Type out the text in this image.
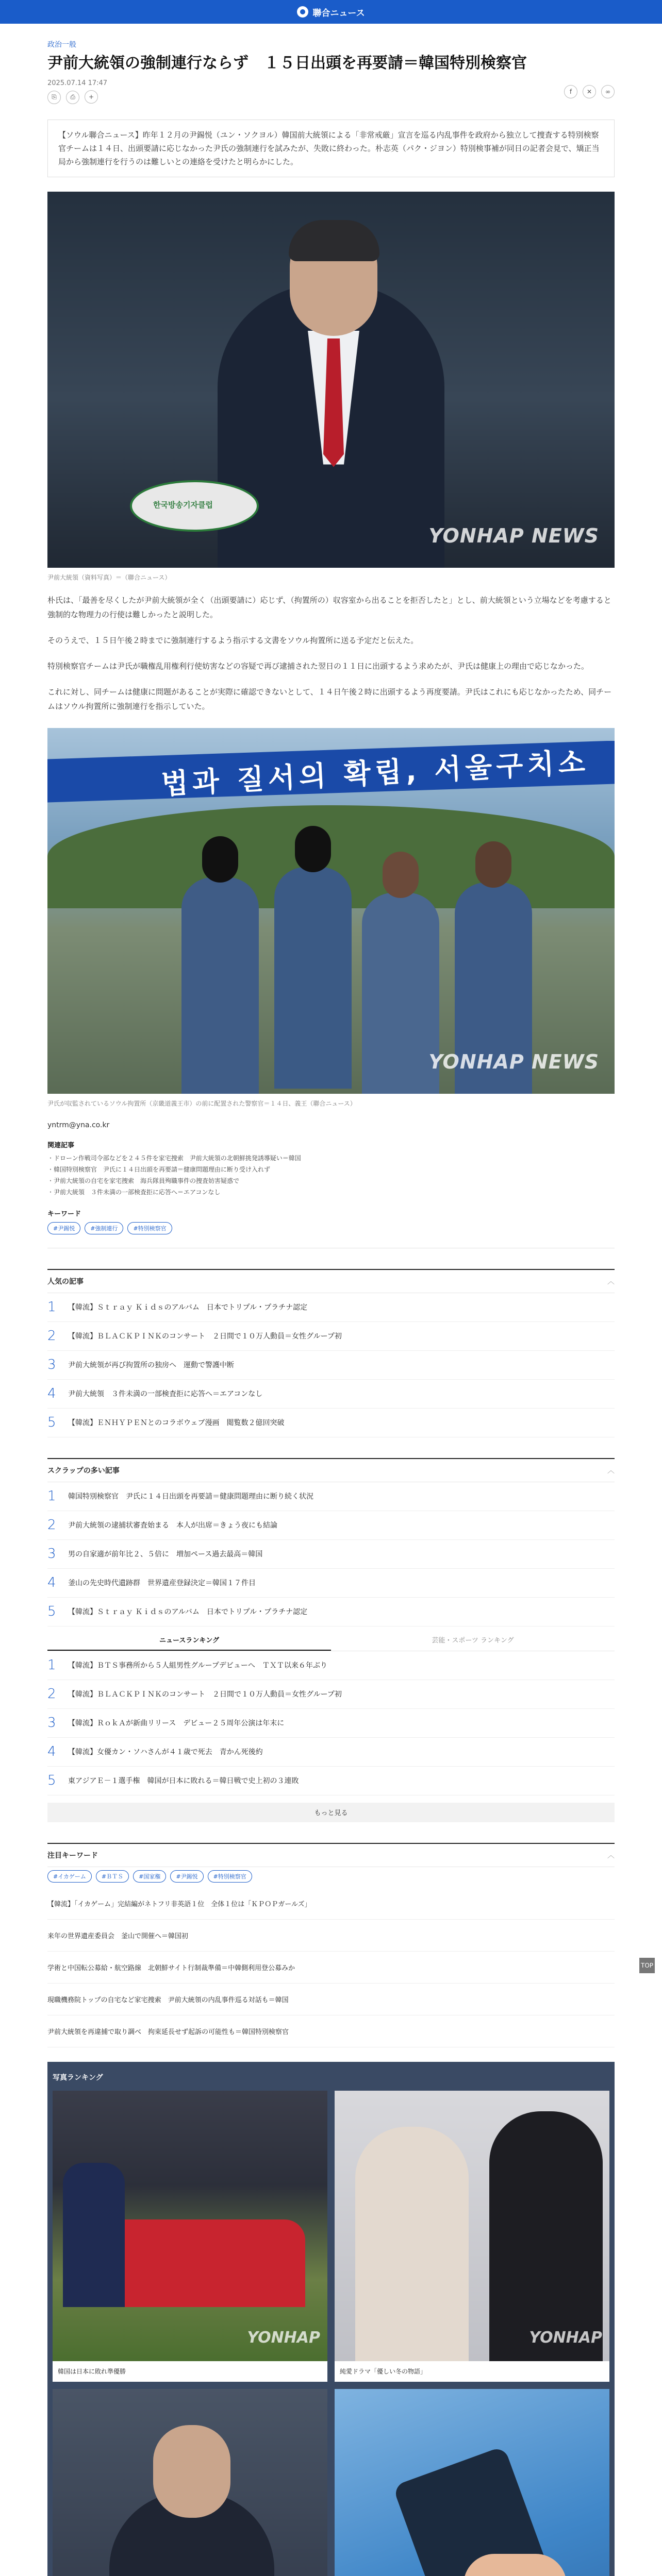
聯合ニュース
政治一般
尹前大統領の強制連行ならず　１５日出頭を再要請＝韓国特別検察官
2025.07.14 17:47
⎘ ⎙ +
f ✕ ∞
【ソウル聯合ニュース】昨年１２月の尹錫悦（ユン・ソクヨル）韓国前大統領による「非常戒厳」宣言を巡る内乱事件を政府から独立して捜査する特別検察官チームは１４日、出頭要請に応じなかった尹氏の強制連行を試みたが、失敗に終わった。朴志英（パク・ジヨン）特別検事補が同日の記者会見で、矯正当局から強制連行を行うのは難しいとの連絡を受けたと明らかにした。
한국방송기자클럽
YONHAP NEWS
尹前大統領（資料写真）＝（聯合ニュース）

朴氏は、「最善を尽くしたが尹前大統領が全く（出頭要請に）応じず、（拘置所の）収容室から出ることを拒否したと」とし、前大統領という立場などを考慮すると強制的な物理力の行使は難しかったと説明した。

そのうえで、１５日午後２時までに強制連行するよう指示する文書をソウル拘置所に送る予定だと伝えた。

特別検察官チームは尹氏が職権乱用権利行使妨害などの容疑で再び逮捕された翌日の１１日に出頭するよう求めたが、尹氏は健康上の理由で応じなかった。

これに対し、同チームは健康に問題があることが実際に確認できないとして、１４日午後２時に出頭するよう再度要請。尹氏はこれにも応じなかったため、同チームはソウル拘置所に強制連行を指示していた。

법과 질서의 확립, 서울구치소
YONHAP NEWS
尹氏が収監されているソウル拘置所（京畿道義王市）の前に配置された警察官＝１４日、義王（聯合ニュース）
yntrm@yna.co.kr
関連記事
・ ドローン作戦司令部などを２４５件を家宅捜索　尹前大統領の北朝鮮挑発誘導疑い＝韓国
・ 韓国特別検察官　尹氏に１４日出頭を再要請＝健康問題理由に断り受け入れず
・ 尹前大統領の自宅を家宅捜索　海兵隊員殉職事件の捜査妨害疑惑で
・ 尹前大統領　３件未満の一部検査拒に応答へ＝エアコンなし
キーワード
#尹錫悦	#強制連行	#特別検察官
人気の記事	︿
1	【韓流】Ｓｔｒａｙ Ｋｉｄｓのアルバム　日本でトリプル・プラチナ認定
2	【韓流】ＢＬＡＣＫＰＩＮＫのコンサート　２日間で１０万人動員＝女性グループ初
3	尹前大統領が再び拘置所の独房へ　運動で警護中断
4	尹前大統領　３件未満の一部検査拒に応答へ＝エアコンなし
5	【韓流】ＥＮＨＹＰＥＮとのコラボウェブ漫画　閲覧数２億回突破
スクラップの多い記事	︿
1	韓国特別検察官　尹氏に１４日出頭を再要請＝健康問題理由に断り続く状況
2	尹前大統領の逮捕状審査始まる　本人が出席＝きょう夜にも結論
3	男の自家適が前年比２、５倍に　増加ペース過去最高＝韓国
4	釜山の先史時代遺跡群　世界遺産登録決定＝韓国１７件目
5	【韓流】Ｓｔｒａｙ Ｋｉｄｓのアルバム　日本でトリプル・プラチナ認定
ニュースランキング	芸能・スポーツ ランキング
1	【韓流】ＢＴＳ事務所から５人組男性グループデビューへ　ＴＸＴ以来６年ぶり
2	【韓流】ＢＬＡＣＫＰＩＮＫのコンサート　２日間で１０万人動員＝女性グループ初
3	【韓流】ＲｏｋＡが新曲リリース　デビュー２５周年公演は年末に
4	【韓流】女優カン・ソハさんが４１歳で死去　青かん死後約
5	東アジアＥ－１選手権　韓国が日本に敗れる＝韓日戦で史上初の３連敗
もっと見る
注目キーワード	︿
#イカゲーム	#ＢＴＳ	#国家権	#尹錫悦	#特別検察官
【韓流】「イカゲーム」完結編がネトフリ非英語１位　全体１位は「ＫＰＯＰガールズ」
来年の世界遺産委員会　釜山で開催へ＝韓国初
学術と中国転公募給・航空路線　北朝鮮サイト行制裁準備＝中韓側利用登公募みか
現職機務院トップの自宅など家宅捜索　尹前大統領の内乱事件巡る対話も＝韓国
尹前大統領を再違捕で取り調べ　拘束延長せず起訴の可能性も＝韓国特別検察官
写真ランキング
YONHAP
韓国は日本に敗れ準優勝
YONHAP
純愛ドラマ「優しい冬の物語」
TOP
